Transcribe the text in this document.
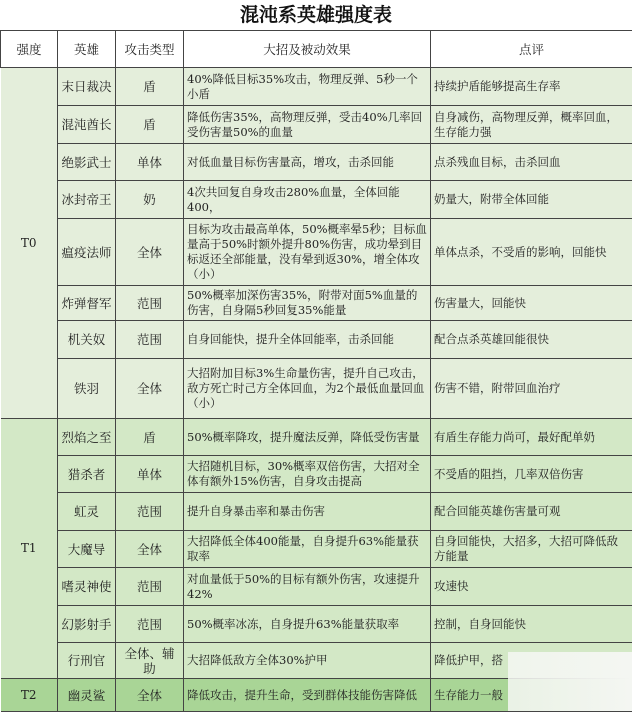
混沌系英雄强度表
强度	英雄	攻击类型	大招及被动效果	点评
T0	末日裁决	盾	40%降低目标35%攻击，物理反弹、5秒一个小盾	持续护盾能够提高生存率
	混沌酋长	盾	降低伤害35%，高物理反弹，受击40%几率回受伤害量50%的血量	自身减伤，高物理反弹，概率回血，生存能力强
	绝影武士	单体	对低血量目标伤害量高，增攻，击杀回能	点杀残血目标，击杀回血
	冰封帝王	奶	4次共回复自身攻击280%血量，全体回能400，	奶量大，附带全体回能
	瘟疫法师	全体	目标为攻击最高单体，50%概率晕5秒；目标血量高于50%时额外提升80%伤害，成功晕到目标返还全部能量，没有晕到返30%，增全体攻（小）	单体点杀，不受盾的影响，回能快
	炸弹督军	范围	50%概率加深伤害35%，附带对面5%血量的伤害，自身隔5秒回复35%能量	伤害量大，回能快
	机关奴	范围	自身回能快，提升全体回能率，击杀回能	配合点杀英雄回能很快
	铁羽	全体	大招附加目标3%生命量伤害，提升自己攻击，敌方死亡时己方全体回血，为2个最低血量回血（小）	伤害不错，附带回血治疗
T1	烈焰之至	盾	50%概率降攻，提升魔法反弹，降低受伤害量	有盾生存能力尚可，最好配单奶
	猎杀者	单体	大招随机目标，30%概率双倍伤害，大招对全体有额外15%伤害，自身攻击提高	不受盾的阻挡，几率双倍伤害
	虹灵	范围	提升自身暴击率和暴击伤害	配合回能英雄伤害量可观
	大魔导	全体	大招降低全体400能量，自身提升63%能量获取率	自身回能快，大招多，大招可降低敌方能量
	嗜灵神使	范围	对血量低于50%的目标有额外伤害，攻速提升42%	攻速快
	幻影射手	范围	50%概率冰冻，自身提升63%能量获取率	控制，自身回能快
	行刑官	全体、辅助	大招降低敌方全体30%护甲	降低护甲，搭
T2	幽灵鲨	全体	降低攻击，提升生命，受到群体技能伤害降低	生存能力一般
